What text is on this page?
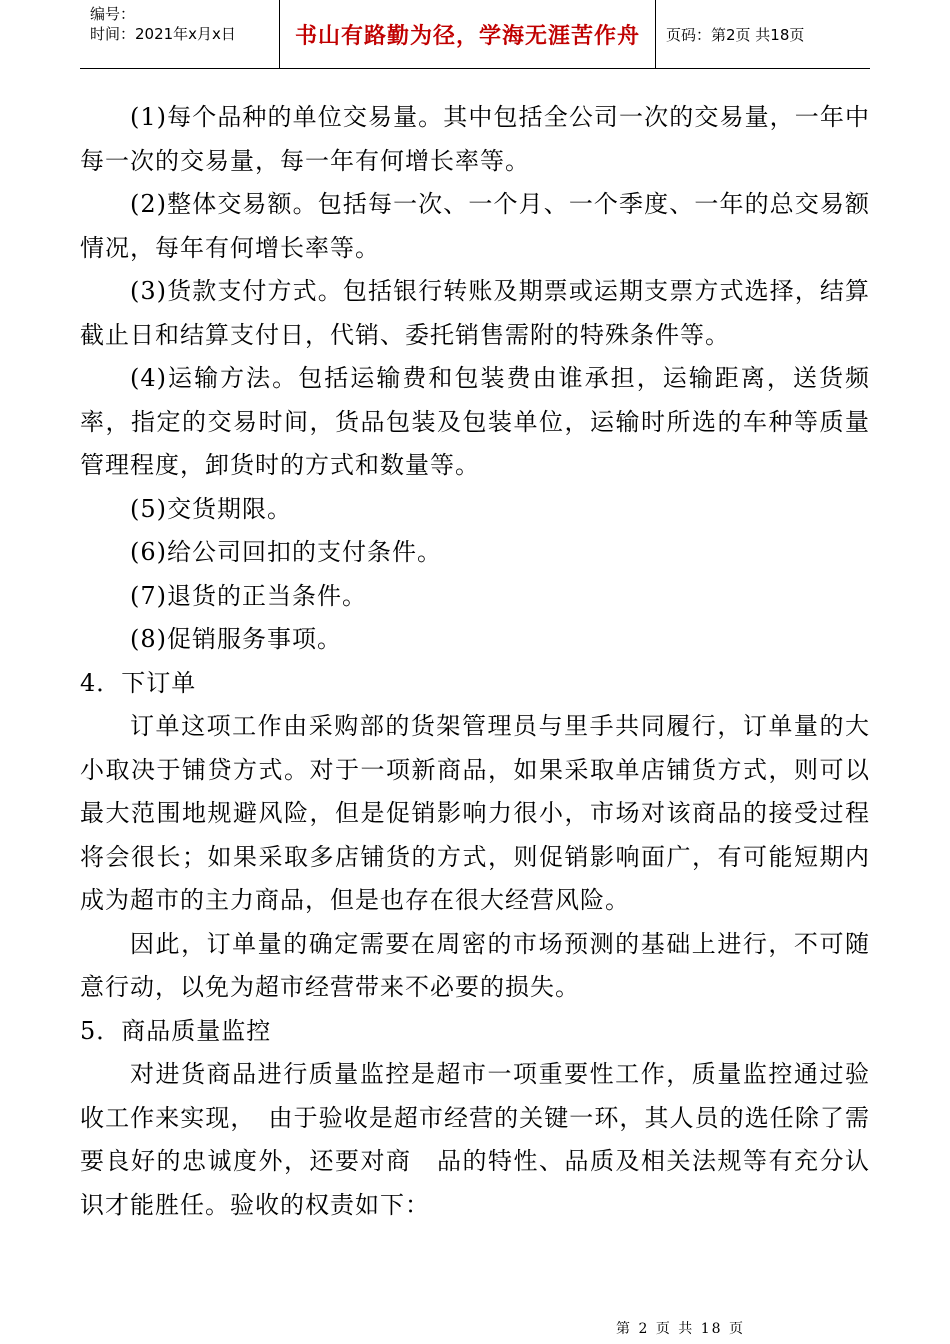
编号：
时间：2021年x月x日	书山有路勤为径，学海无涯苦作舟	页码：第2页 共18页

(1)每个品种的单位交易量。其中包括全公司一次的交易量，一年中每一次的交易量，每一年有何增长率等。

(2)整体交易额。包括每一次、一个月、一个季度、一年的总交易额情况，每年有何增长率等。

(3)货款支付方式。包括银行转账及期票或运期支票方式选择，结算截止日和结算支付日，代销、委托销售需附的特殊条件等。

(4)运输方法。包括运输费和包装费由谁承担，运输距离，送货频率，指定的交易时间，货品包装及包装单位，运输时所选的车种等质量管理程度，卸货时的方式和数量等。

(5)交货期限。

(6)给公司回扣的支付条件。

(7)退货的正当条件。

(8)促销服务事项。

4．下订单

订单这项工作由采购部的货架管理员与里手共同履行，订单量的大小取决于铺贷方式。对于一项新商品，如果采取单店铺货方式，则可以最大范围地规避风险，但是促销影响力很小，市场对该商品的接受过程将会很长；如果采取多店铺货的方式，则促销影响面广，有可能短期内成为超市的主力商品，但是也存在很大经营风险。

因此，订单量的确定需要在周密的市场预测的基础上进行，不可随意行动，以免为超市经营带来不必要的损失。

5．商品质量监控

对进货商品进行质量监控是超市一项重要性工作，质量监控通过验收工作来实现，　由于验收是超市经营的关键一环，其人员的选任除了需要良好的忠诚度外，还要对商　品的特性、品质及相关法规等有充分认识才能胜任。验收的权责如下：

第 2 页 共 18 页
